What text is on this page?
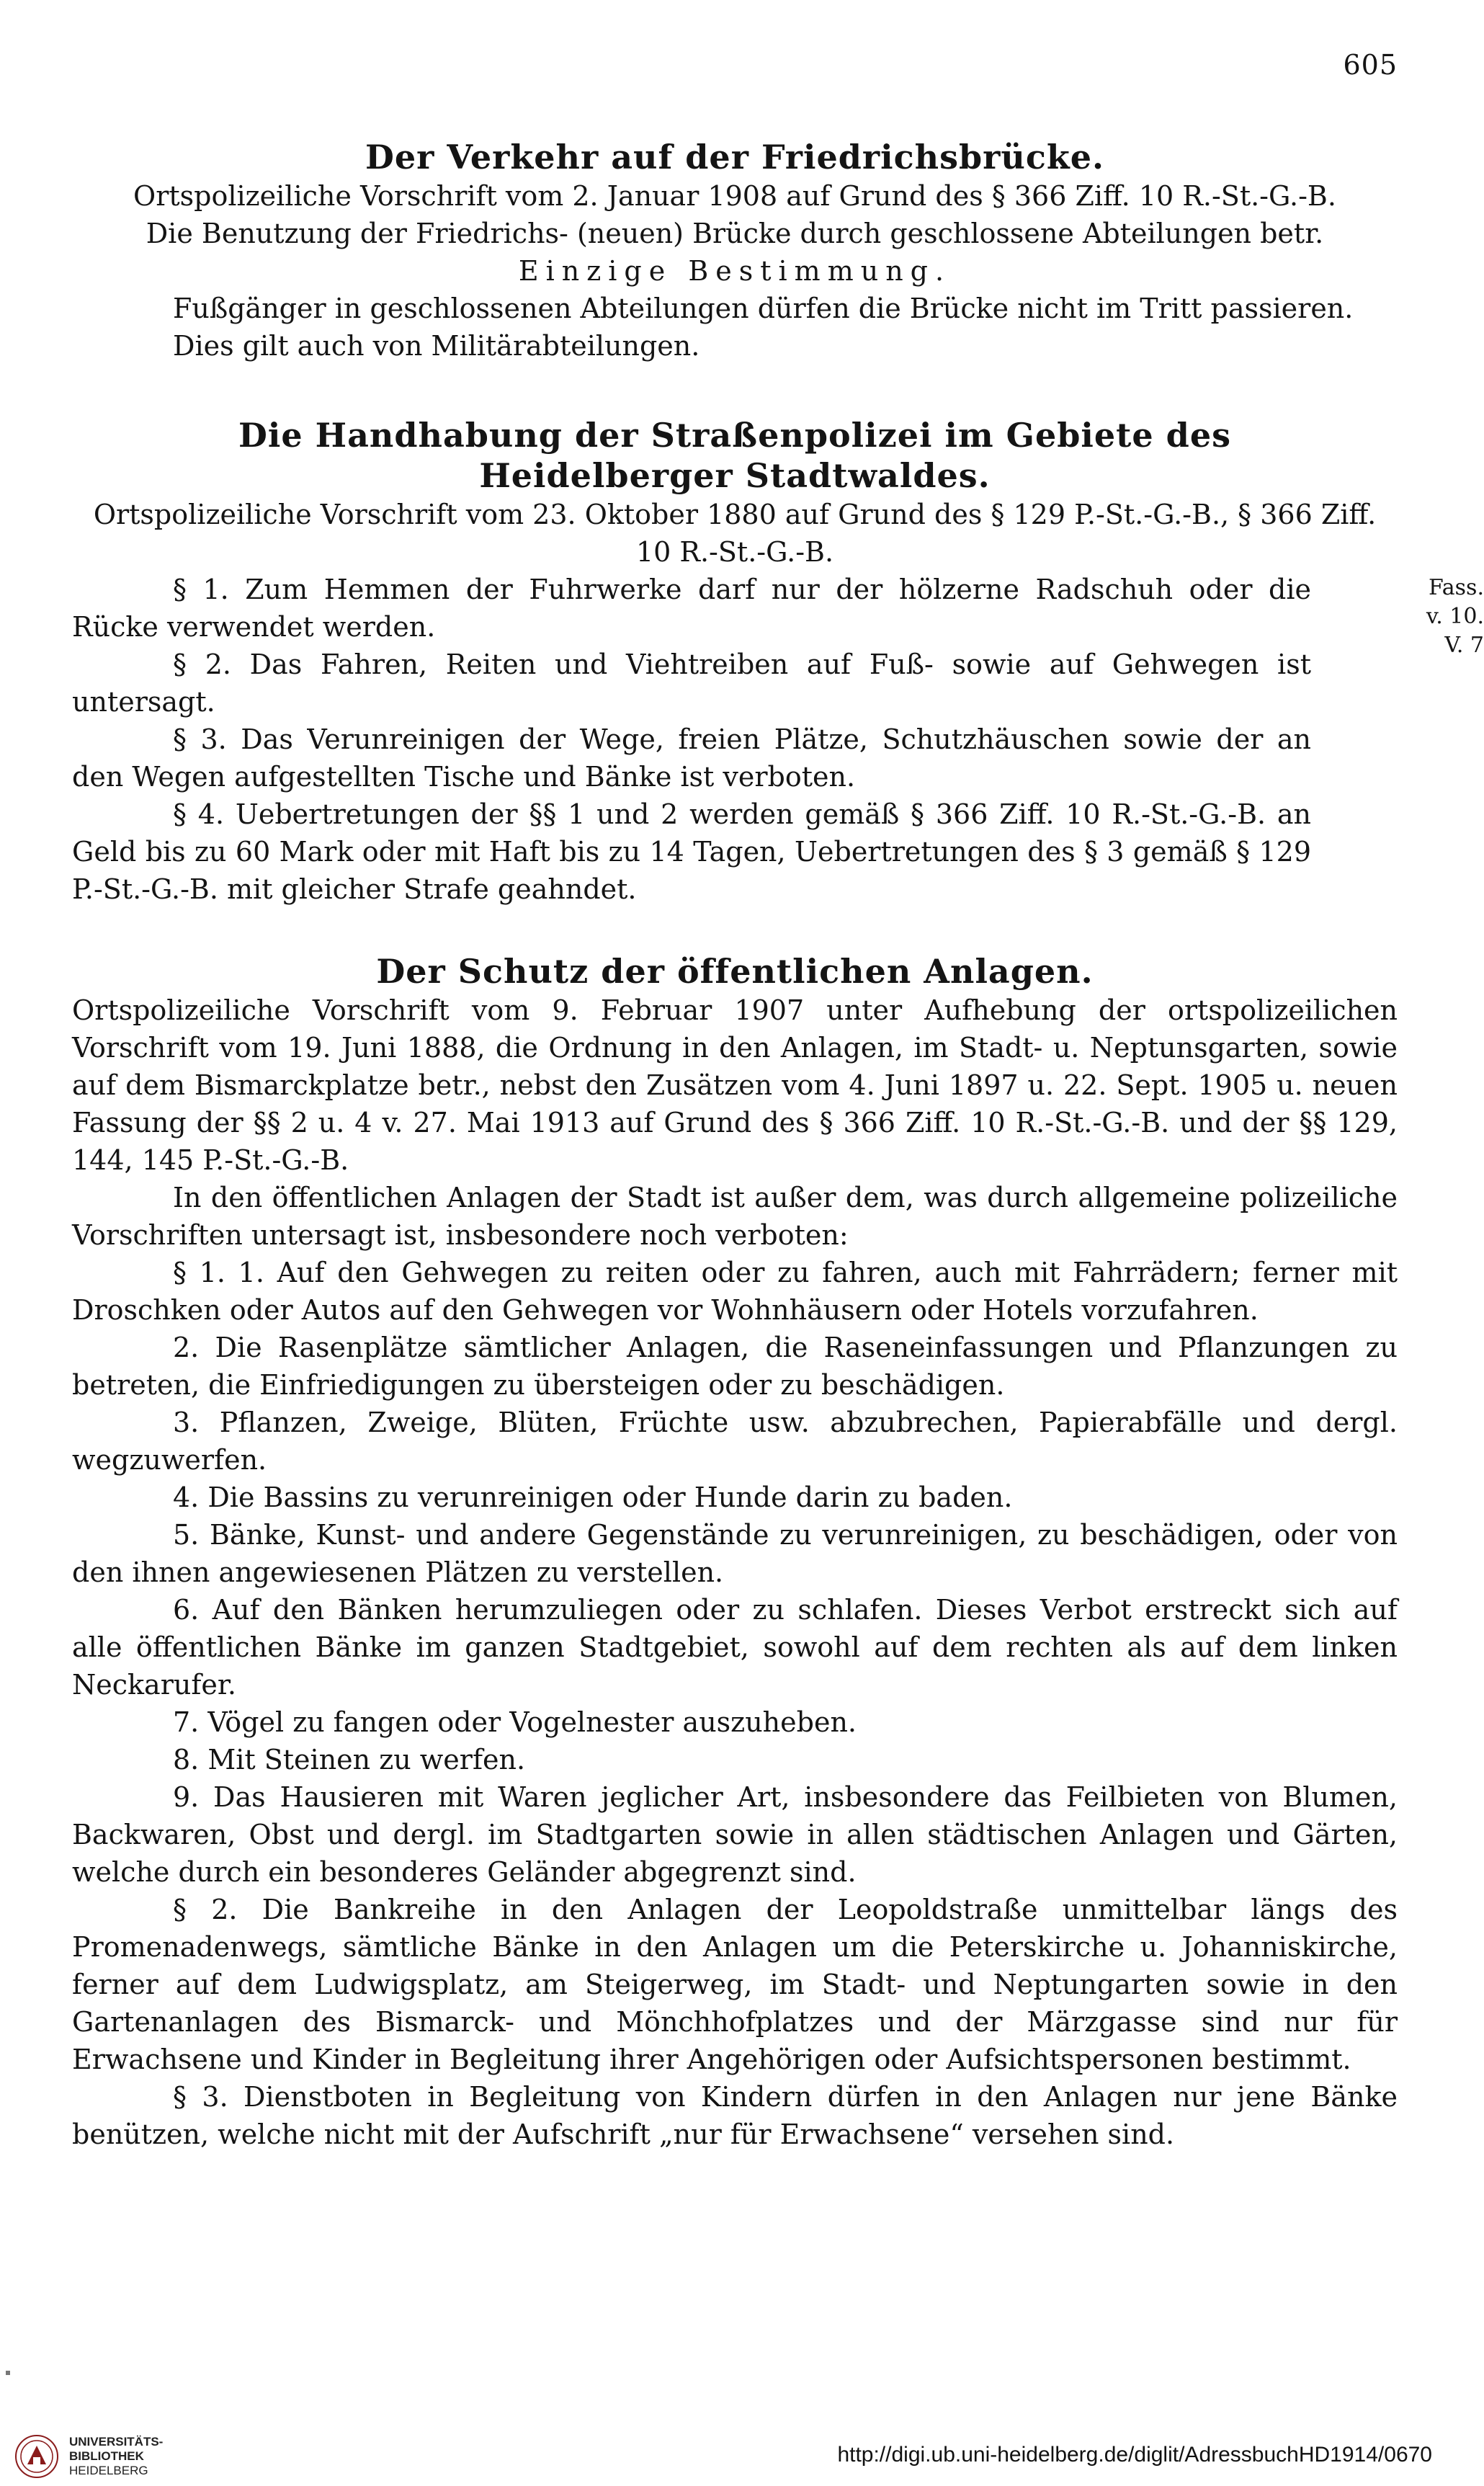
605
Der Verkehr auf der Friedrichsbrücke.

Ortspolizeiliche Vorschrift vom 2. Januar 1908 auf Grund des § 366 Ziff. 10 R.-St.-G.-B.

Die Benutzung der Friedrichs- (neuen) Brücke durch geschlossene Abteilungen betr.

Einzige Bestimmung.

Fußgänger in geschlossenen Abteilungen dürfen die Brücke nicht im Tritt passieren.

Dies gilt auch von Militärabteilungen.

Die Handhabung der Straßenpolizei im Gebiete des Heidelberger Stadtwaldes.

Ortspolizeiliche Vorschrift vom 23. Oktober 1880 auf Grund des § 129 P.-St.-G.-B., § 366 Ziff. 10 R.-St.-G.-B.

Fass. v. 10. V. 7

§ 1. Zum Hemmen der Fuhrwerke darf nur der hölzerne Radschuh oder die Rücke verwendet werden.

§ 2. Das Fahren, Reiten und Viehtreiben auf Fuß- sowie auf Gehwegen ist untersagt.

§ 3. Das Verunreinigen der Wege, freien Plätze, Schutzhäuschen sowie der an den Wegen aufgestellten Tische und Bänke ist verboten.

§ 4. Uebertretungen der §§ 1 und 2 werden gemäß § 366 Ziff. 10 R.-St.-G.-B. an Geld bis zu 60 Mark oder mit Haft bis zu 14 Tagen, Uebertretungen des § 3 gemäß § 129 P.-St.-G.-B. mit gleicher Strafe geahndet.

Der Schutz der öffentlichen Anlagen.

Ortspolizeiliche Vorschrift vom 9. Februar 1907 unter Aufhebung der ortspolizeilichen Vorschrift vom 19. Juni 1888, die Ordnung in den Anlagen, im Stadt- u. Neptunsgarten, sowie auf dem Bismarckplatze betr., nebst den Zusätzen vom 4. Juni 1897 u. 22. Sept. 1905 u. neuen Fassung der §§ 2 u. 4 v. 27. Mai 1913 auf Grund des § 366 Ziff. 10 R.-St.-G.-B. und der §§ 129, 144, 145 P.-St.-G.-B.

In den öffentlichen Anlagen der Stadt ist außer dem, was durch allgemeine polizeiliche Vorschriften untersagt ist, insbesondere noch verboten:

§ 1. 1. Auf den Gehwegen zu reiten oder zu fahren, auch mit Fahrrädern; ferner mit Droschken oder Autos auf den Gehwegen vor Wohnhäusern oder Hotels vorzufahren.

2. Die Rasenplätze sämtlicher Anlagen, die Raseneinfassungen und Pflanzungen zu betreten, die Einfriedigungen zu übersteigen oder zu beschädigen.

3. Pflanzen, Zweige, Blüten, Früchte usw. abzubrechen, Papierabfälle und dergl. wegzuwerfen.

4. Die Bassins zu verunreinigen oder Hunde darin zu baden.

5. Bänke, Kunst- und andere Gegenstände zu verunreinigen, zu beschädigen, oder von den ihnen angewiesenen Plätzen zu verstellen.

6. Auf den Bänken herumzuliegen oder zu schlafen. Dieses Verbot erstreckt sich auf alle öffentlichen Bänke im ganzen Stadtgebiet, sowohl auf dem rechten als auf dem linken Neckarufer.

7. Vögel zu fangen oder Vogelnester auszuheben.

8. Mit Steinen zu werfen.

9. Das Hausieren mit Waren jeglicher Art, insbesondere das Feilbieten von Blumen, Backwaren, Obst und dergl. im Stadtgarten sowie in allen städtischen Anlagen und Gärten, welche durch ein besonderes Geländer abgegrenzt sind.

§ 2. Die Bankreihe in den Anlagen der Leopoldstraße unmittelbar längs des Promenadenwegs, sämtliche Bänke in den Anlagen um die Peterskirche u. Johanniskirche, ferner auf dem Ludwigsplatz, am Steigerweg, im Stadt- und Neptungarten sowie in den Gartenanlagen des Bismarck- und Mönchhofplatzes und der Märzgasse sind nur für Erwachsene und Kinder in Begleitung ihrer Angehörigen oder Aufsichtspersonen bestimmt.

§ 3. Dienstboten in Begleitung von Kindern dürfen in den Anlagen nur jene Bänke benützen, welche nicht mit der Aufschrift „nur für Erwachsene“ versehen sind.

UNIVERSITÄTS-
BIBLIOTHEK
HEIDELBERG
http://digi.ub.uni-heidelberg.de/diglit/AdressbuchHD1914/0670
